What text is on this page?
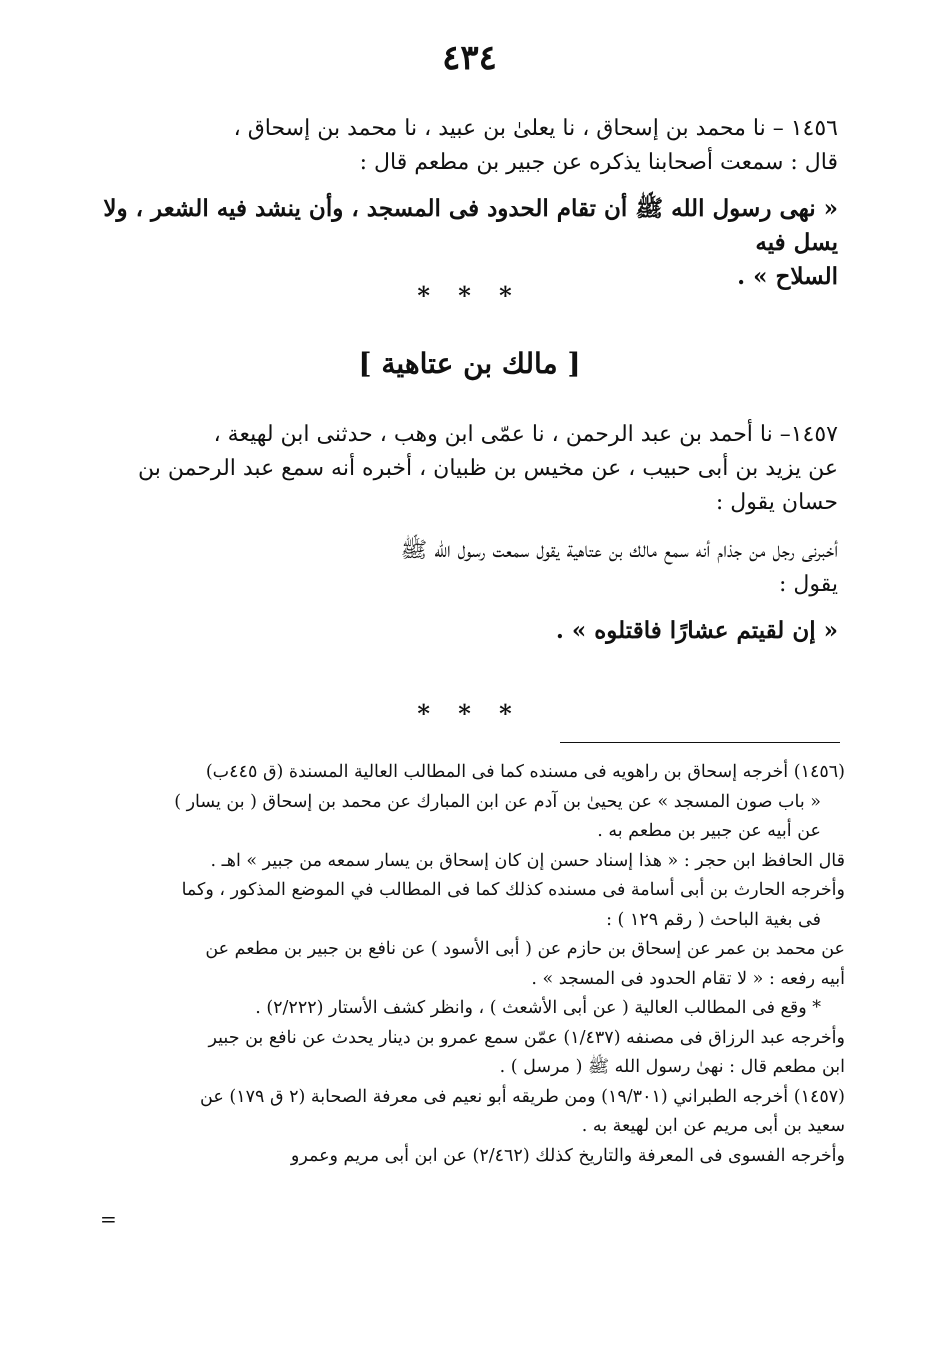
٤٣٤

١٤٥٦ – نا محمد بن إسحاق ، نا يعلىٰ بن عبيد ، نا محمد بن إسحاق ،

قال : سمعت أصحابنا يذكره عن جبير بن مطعم قال :

« نهى رسول الله ﷺ أن تقام الحدود فى المسجد ، وأن ينشد فيه الشعر ، ولا يسل فيه

السلاح » .

* * *
[ مالك بن عتاهية ]

١٤٥٧– نا أحمد بن عبد الرحمن ، نا عمّى ابن وهب ، حدثنى ابن لهيعة ،

عن يزيد بن أبى حبيب ، عن مخيس بن ظبيان ، أخبره أنه سمع عبد الرحمن بن

حسان يقول :

أخبرنى رجل من جذام أنه سمع مالك بن عتاهية يقول سمعت رسول الله ﷺ

يقول :

« إن لقيتم عشارًا فاقتلوه » .

* * *

(١٤٥٦) أخرجه إسحاق بن راهويه فى مسنده كما فى المطالب العالية المسندة (ق ٤٤٥ب)

« باب صون المسجد » عن يحيىٰ بن آدم عن ابن المبارك عن محمد بن إسحاق ( بن يسار )

عن أبيه عن جبير بن مطعم به .

قال الحافظ ابن حجر : « هذا إسناد حسن إن كان إسحاق بن يسار سمعه من جبير » اهـ .

وأخرجه الحارث بن أبى أسامة فى مسنده كذلك كما فى المطالب في الموضع المذكور ، وكما

فى بغية الباحث ( رقم ١٢٩ ) :

عن محمد بن عمر عن إسحاق بن حازم عن ( أبى الأسود ) عن نافع بن جبير بن مطعم عن

أبيه رفعه : « لا تقام الحدود فى المسجد » .

* وقع فى المطالب العالية ( عن أبى الأشعث ) ، وانظر كشف الأستار (٢/٢٢٢) .

وأخرجه عبد الرزاق فى مصنفه (١/٤٣٧) عمّن سمع عمرو بن دينار يحدث عن نافع بن جبير

ابن مطعم قال : نهىٰ رسول الله ﷺ ( مرسل ) .

(١٤٥٧) أخرجه الطبراني (١٩/٣٠١) ومن طريقه أبو نعيم فى معرفة الصحابة (٢ ق ١٧٩) عن

سعيد بن أبى مريم عن ابن لهيعة به .

وأخرجه الفسوى فى المعرفة والتاريخ كذلك (٢/٤٦٢) عن ابن أبى مريم وعمرو

=
